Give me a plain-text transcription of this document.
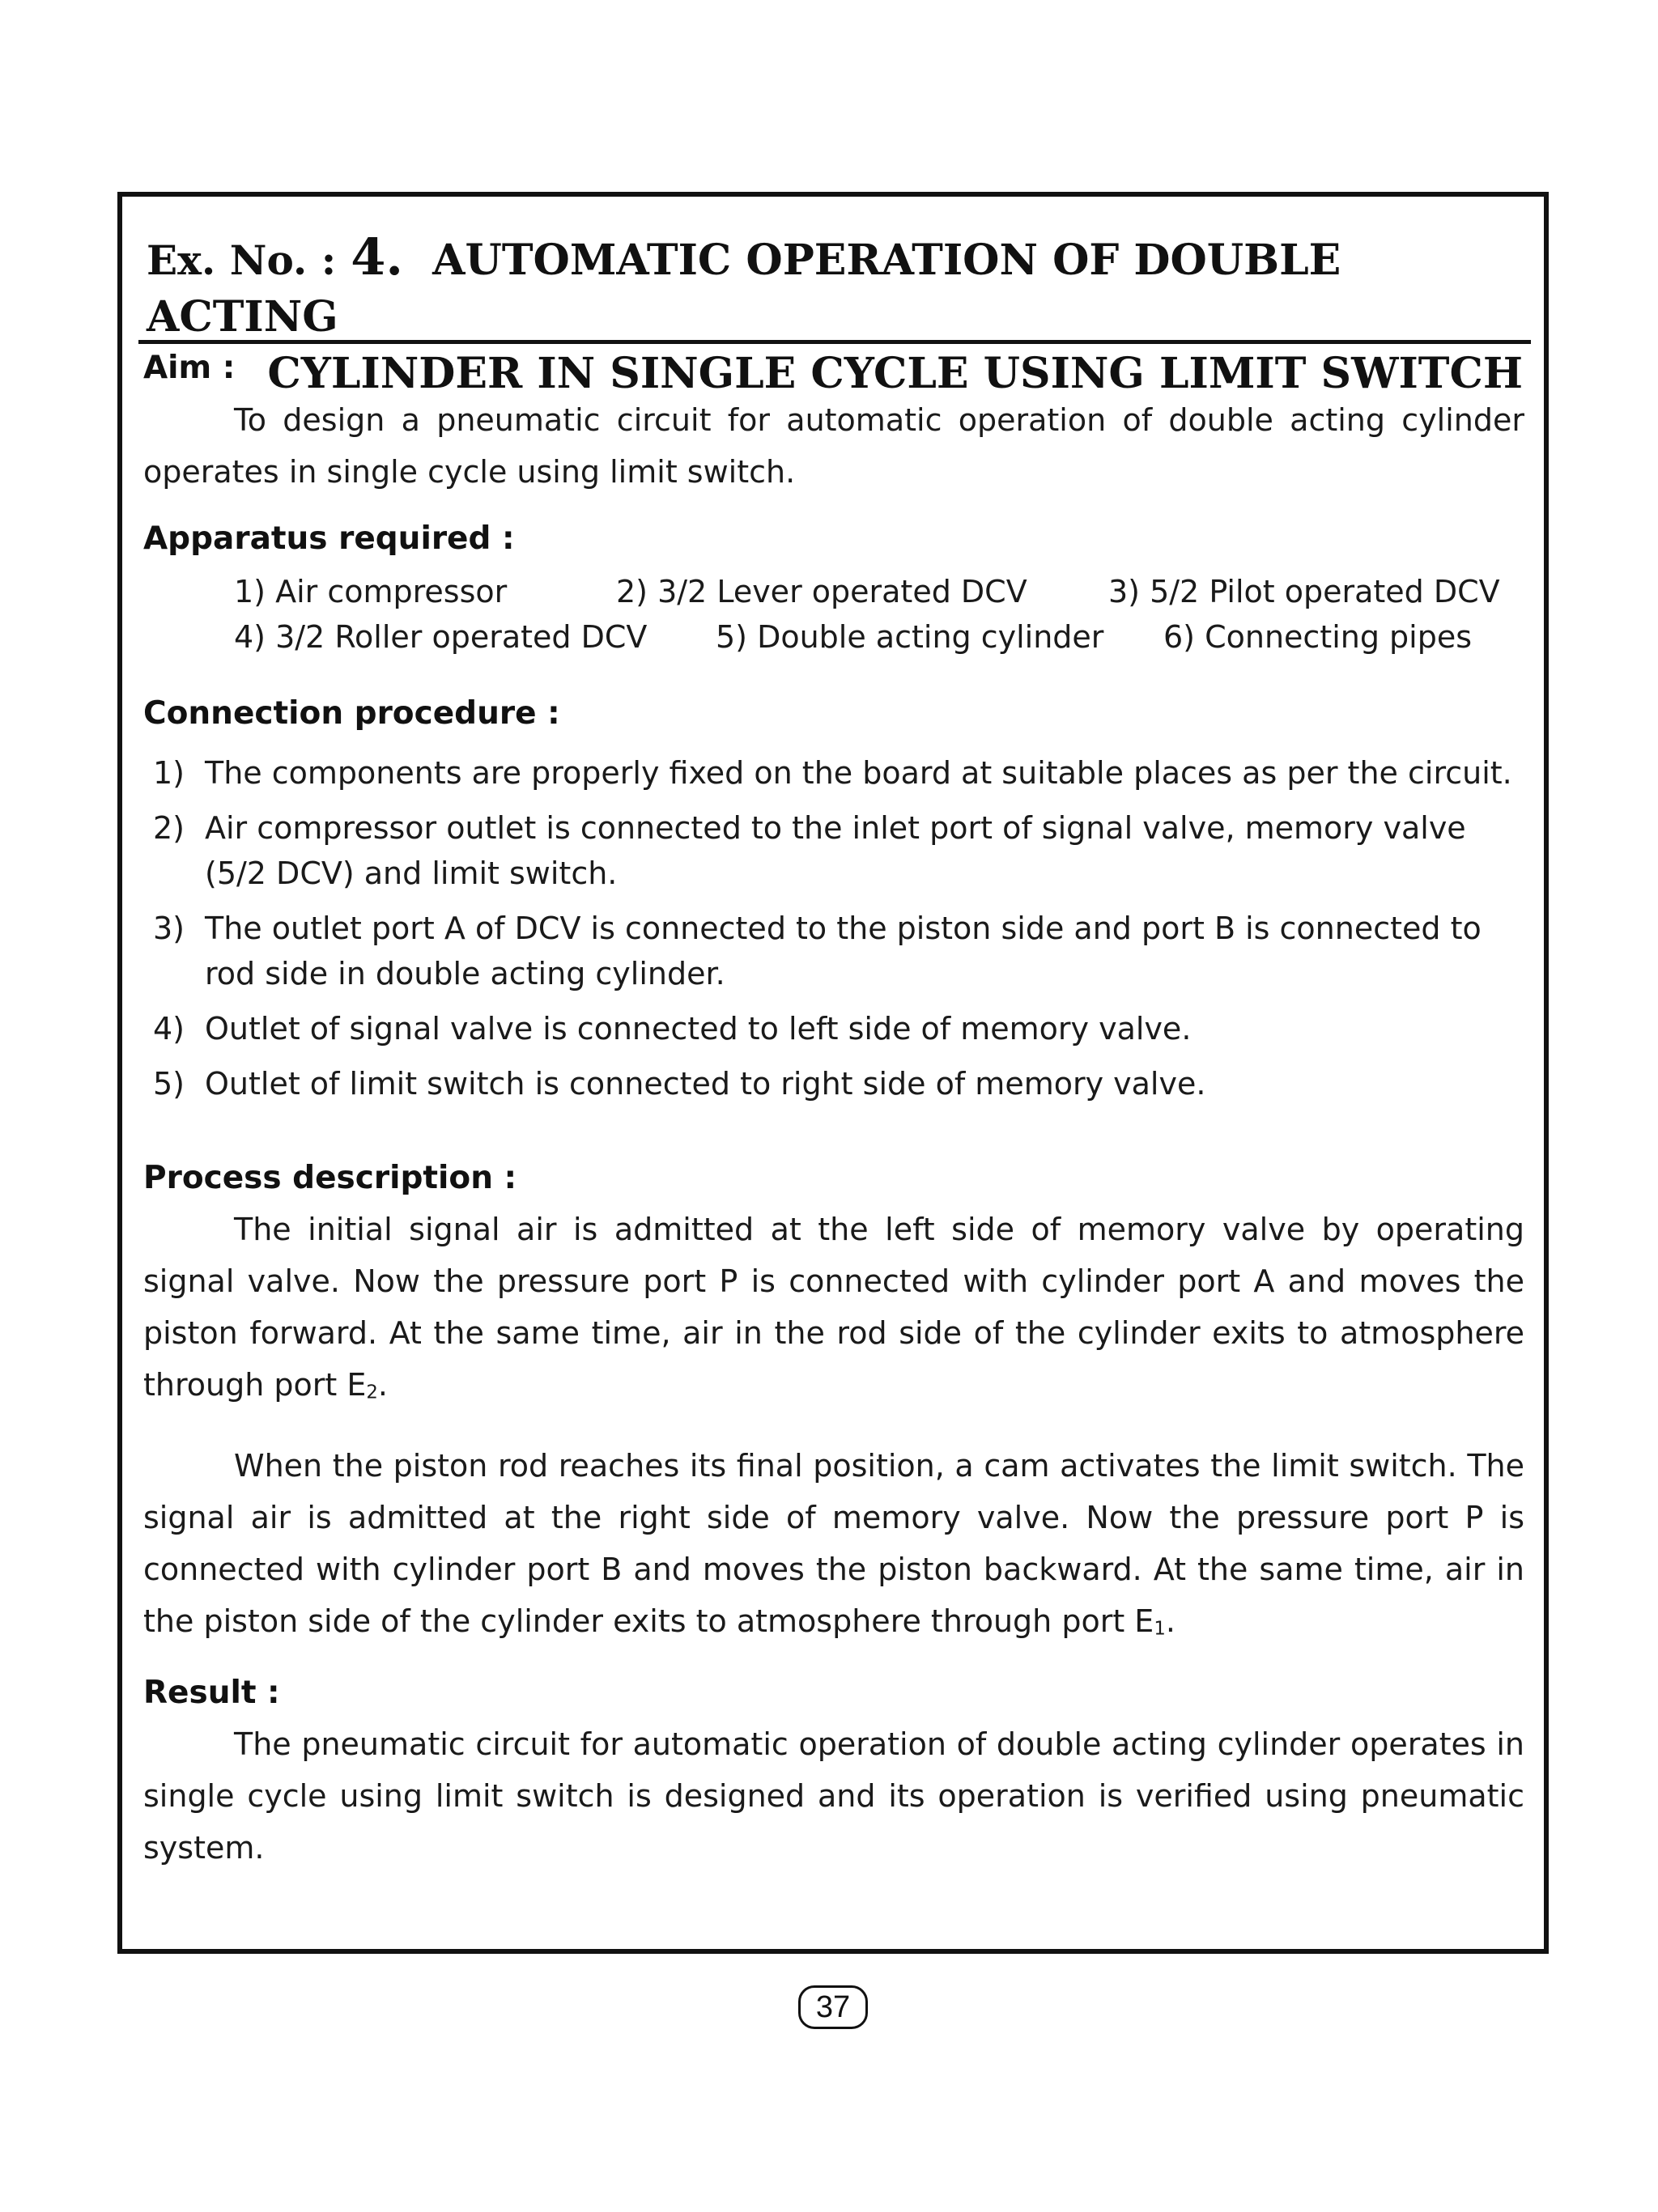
Ex. No. : 4. AUTOMATIC OPERATION OF DOUBLE ACTING
CYLINDER IN SINGLE CYCLE USING LIMIT SWITCH
Aim :
To design a pneumatic circuit for automatic operation of double acting cylinder operates in single cycle using limit switch.
Apparatus required :
1) Air compressor	2) 3/2 Lever operated DCV	3) 5/2 Pilot operated DCV
4) 3/2 Roller operated DCV 5) Double acting cylinder 6) Connecting pipes
Connection procedure :
1) The components are properly fixed on the board at suitable places as per the circuit.
2) Air compressor outlet is connected to the inlet port of signal valve, memory valve (5/2 DCV) and limit switch.
3) The outlet port A of DCV is connected to the piston side and port B is connected to rod side in double acting cylinder.
4) Outlet of signal valve is connected to left side of memory valve.
5) Outlet of limit switch is connected to right side of memory valve.
Process description :
The initial signal air is admitted at the left side of memory valve by operating signal valve. Now the pressure port P is connected with cylinder port A and moves the piston forward. At the same time, air in the rod side of the cylinder exits to atmosphere through port $E_2$.
When the piston rod reaches its final position, a cam activates the limit switch. The signal air is admitted at the right side of memory valve. Now the pressure port P is connected with cylinder port B and moves the piston backward. At the same time, air in the piston side of the cylinder exits to atmosphere through port $E_1$.
Result :
The pneumatic circuit for automatic operation of double acting cylinder operates in single cycle using limit switch is designed and its operation is verified using pneumatic system.
37
